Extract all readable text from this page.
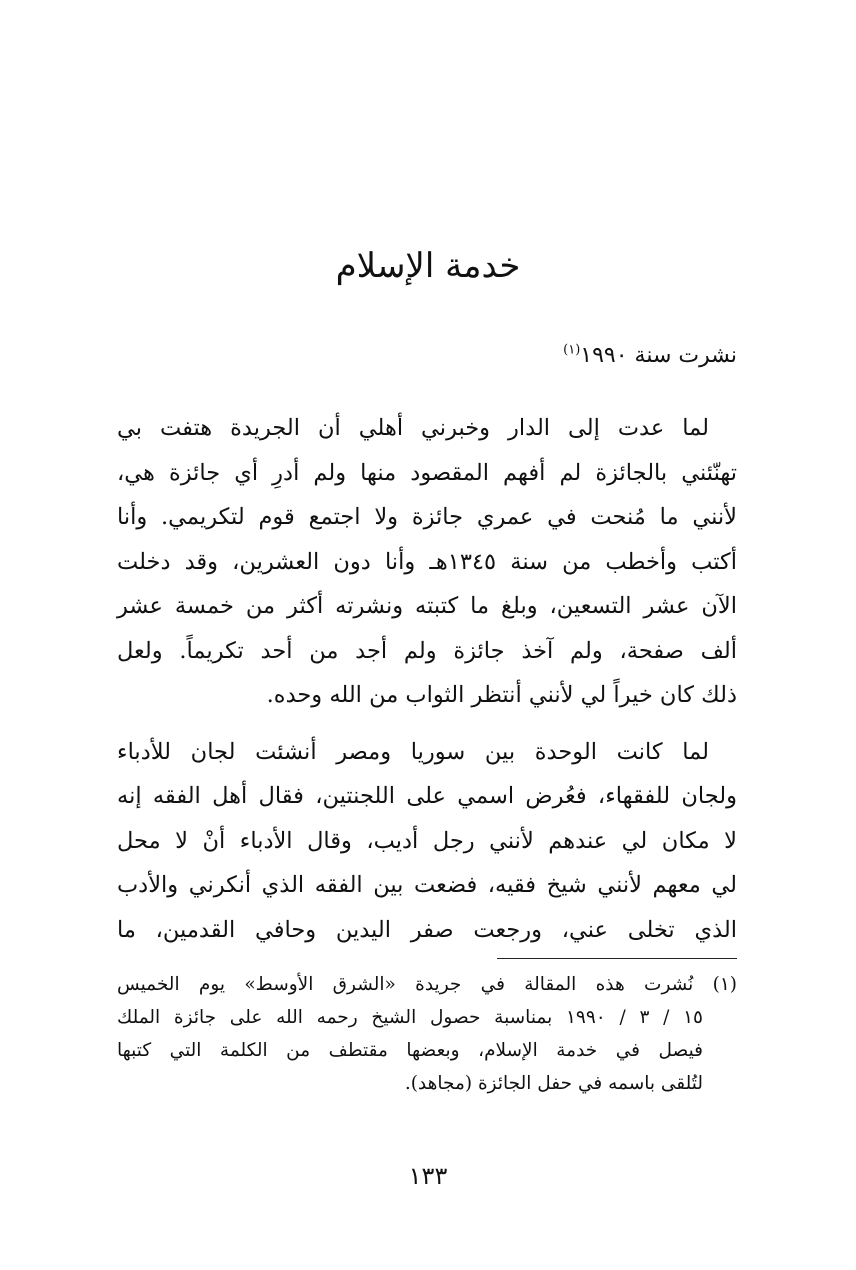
خدمة الإسلام

نشرت سنة ١٩٩٠$^{(١)}$

لما عدت إلى الدار وخبرني أهلي أن الجريدة هتفت بي
تهنّئني بالجائزة لم أفهم المقصود منها ولم أدرِ أي جائزة هي،
لأنني ما مُنحت في عمري جائزة ولا اجتمع قوم لتكريمي. وأنا
أكتب وأخطب من سنة ١٣٤٥هـ وأنا دون العشرين، وقد دخلت
الآن عشر التسعين، وبلغ ما كتبته ونشرته أكثر من خمسة عشر
ألف صفحة، ولم آخذ جائزة ولم أجد من أحد تكريماً. ولعل
ذلك كان خيراً لي لأنني أنتظر الثواب من الله وحده.

لما كانت الوحدة بين سوريا ومصر أنشئت لجان للأدباء
ولجان للفقهاء، فعُرض اسمي على اللجنتين، فقال أهل الفقه إنه
لا مكان لي عندهم لأنني رجل أديب، وقال الأدباء أنْ لا محل
لي معهم لأنني شيخ فقيه، فضعت بين الفقه الذي أنكرني والأدب
الذي تخلى عني، ورجعت صفر اليدين وحافي القدمين، ما

(١) نُشرت هذه المقالة في جريدة «الشرق الأوسط» يوم الخميس
١٥ / ٣ / ١٩٩٠ بمناسبة حصول الشيخ رحمه الله على جائزة الملك
فيصل في خدمة الإسلام، وبعضها مقتطف من الكلمة التي كتبها
لتُلقى باسمه في حفل الجائزة (مجاهد).
١٣٣
